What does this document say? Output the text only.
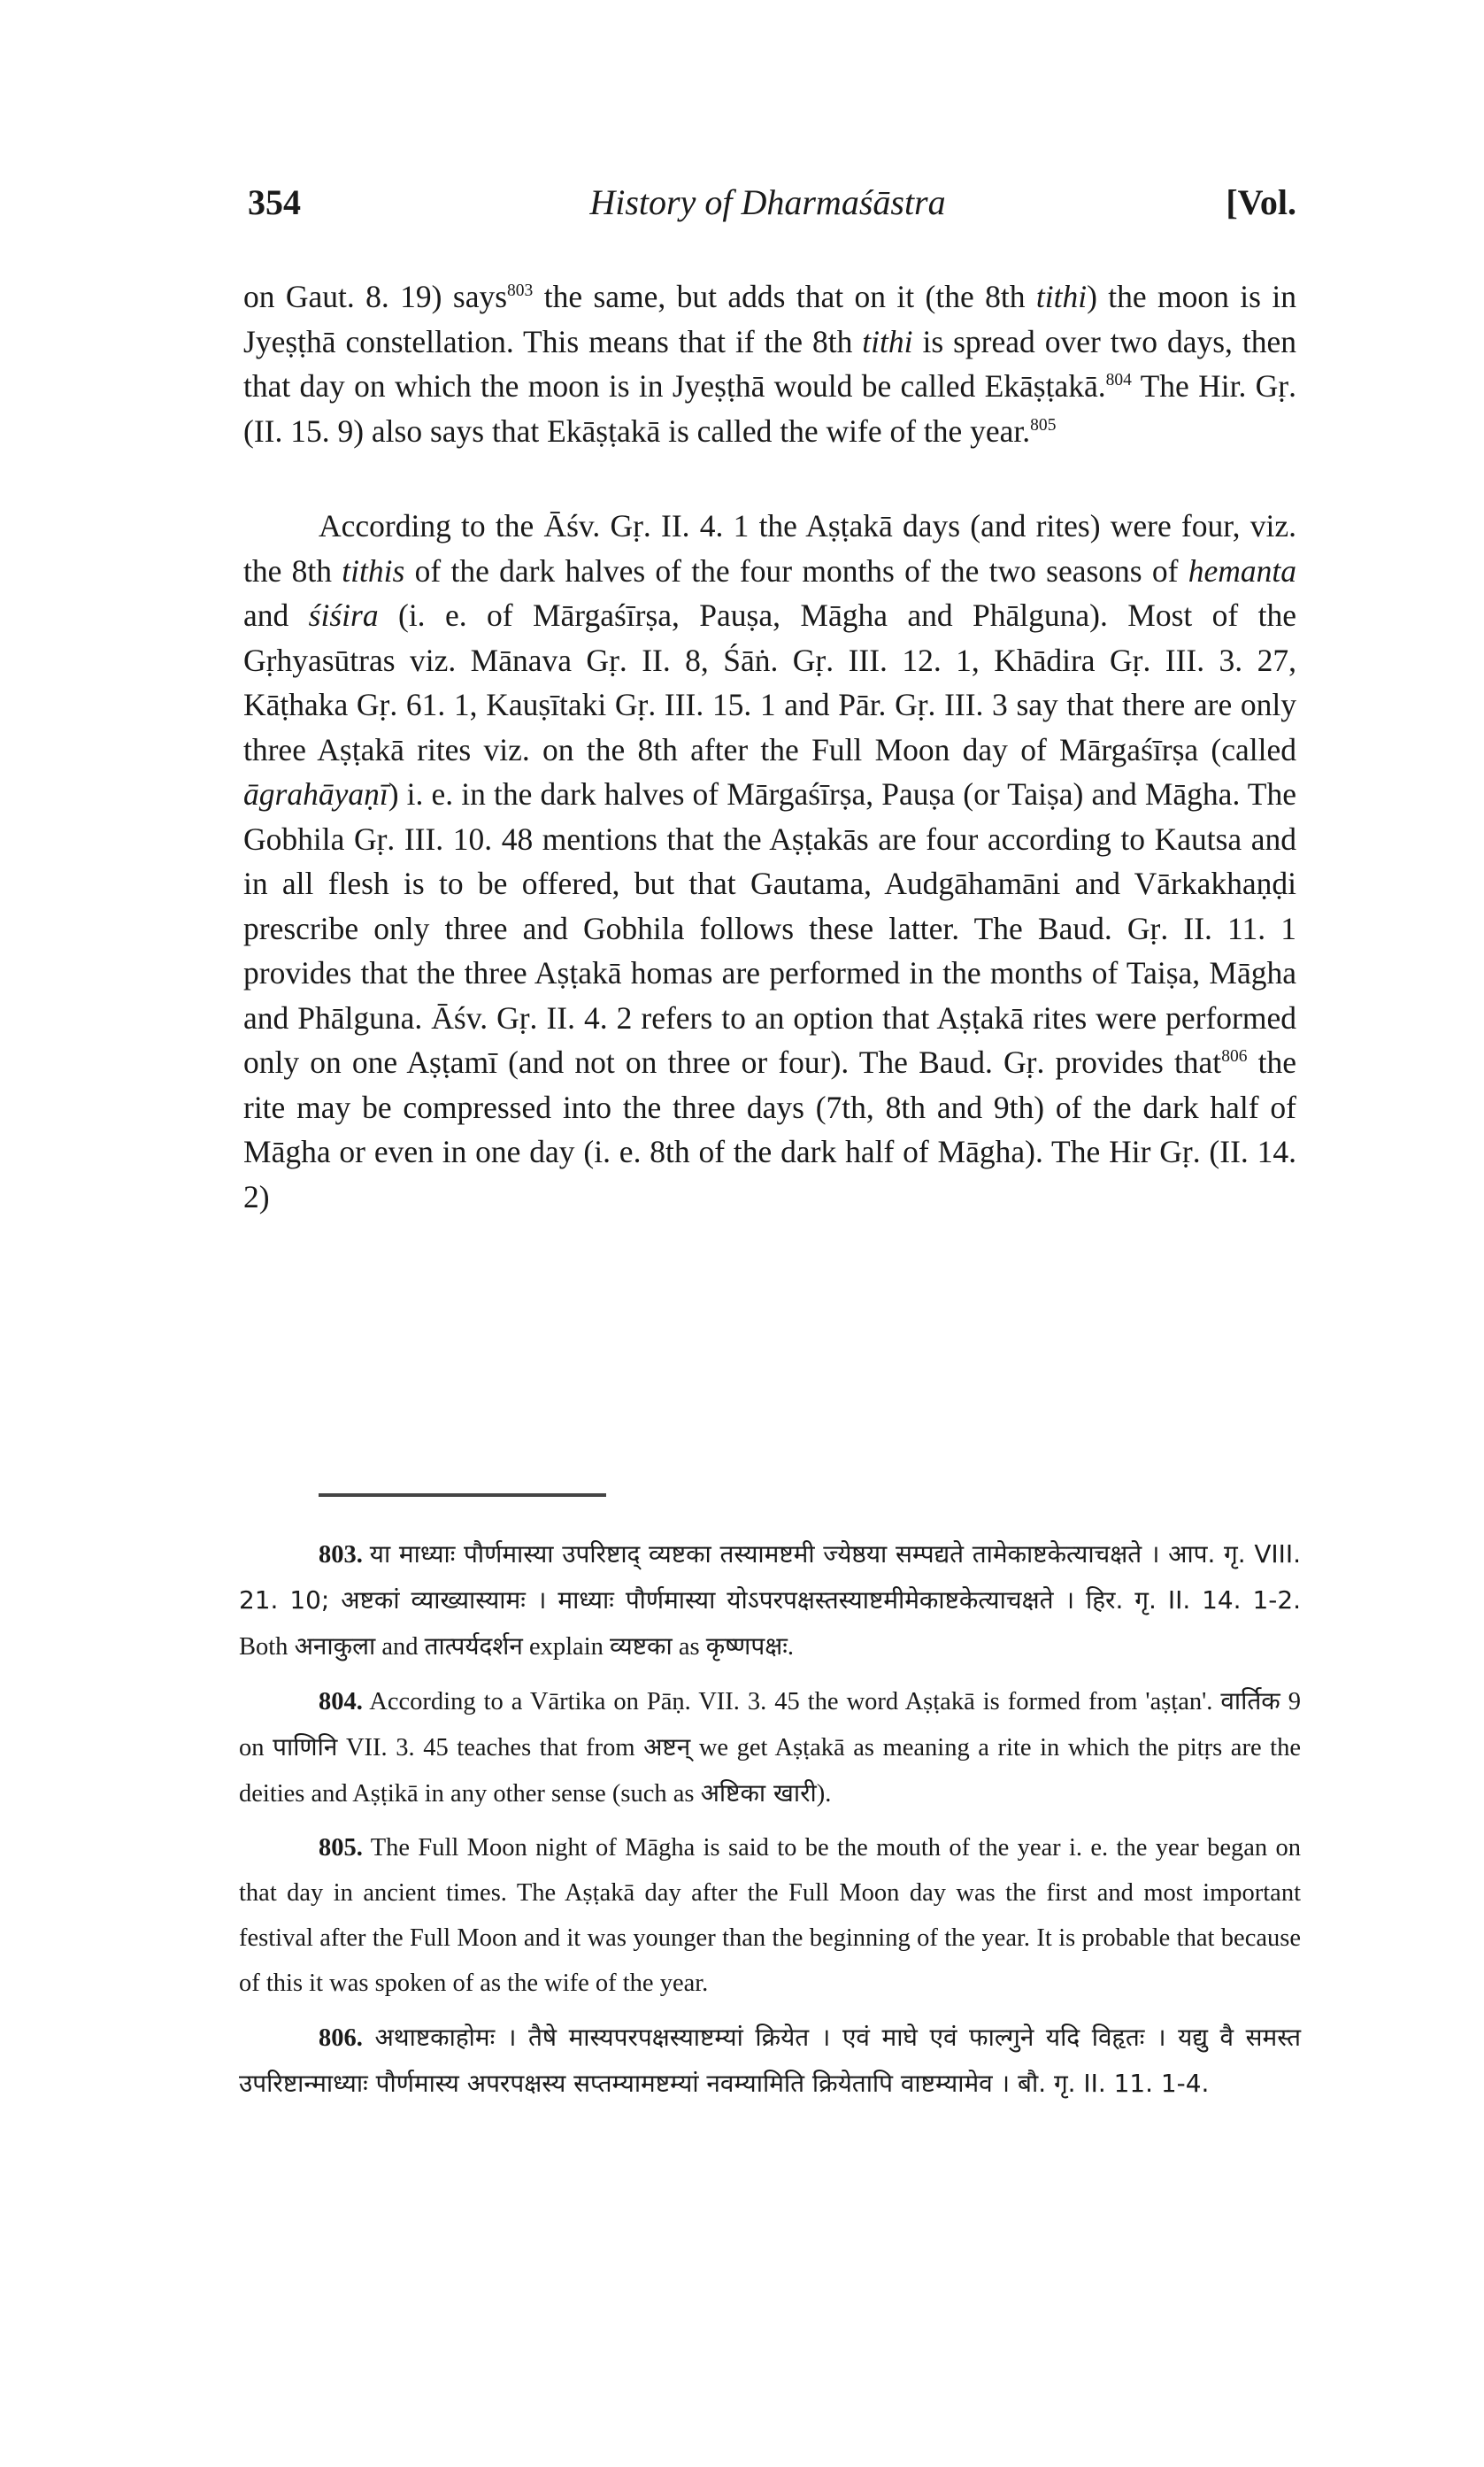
354	History of Dharmaśāstra	[Vol.

on Gaut. 8. 19) says$^{803}$ the same, but adds that on it (the 8th tithi) the moon is in Jyeṣṭhā constellation. This means that if the 8th tithi is spread over two days, then that day on which the moon is in Jyeṣṭhā would be called Ekāṣṭakā.$^{804}$ The Hir. Gṛ. (II. 15. 9) also says that Ekāṣṭakā is called the wife of the year.$^{805}$

According to the Āśv. Gṛ. II. 4. 1 the Aṣṭakā days (and rites) were four, viz. the 8th tithis of the dark halves of the four months of the two seasons of hemanta and śiśira (i. e. of Mārgaśīrṣa, Pauṣa, Māgha and Phālguna). Most of the Gṛhyasūtras viz. Mānava Gṛ. II. 8, Śāṅ. Gṛ. III. 12. 1, Khādira Gṛ. III. 3. 27, Kāṭhaka Gṛ. 61. 1, Kauṣītaki Gṛ. III. 15. 1 and Pār. Gṛ. III. 3 say that there are only three Aṣṭakā rites viz. on the 8th after the Full Moon day of Mārgaśīrṣa (called āgrahāyaṇī) i. e. in the dark halves of Mārgaśīrṣa, Pauṣa (or Taiṣa) and Māgha. The Gobhila Gṛ. III. 10. 48 mentions that the Aṣṭakās are four according to Kautsa and in all flesh is to be offered, but that Gautama, Audgāhamāni and Vārkakhaṇḍi prescribe only three and Gobhila follows these latter. The Baud. Gṛ. II. 11. 1 provides that the three Aṣṭakā homas are performed in the months of Taiṣa, Māgha and Phālguna. Āśv. Gṛ. II. 4. 2 refers to an option that Aṣṭakā rites were performed only on one Aṣṭamī (and not on three or four). The Baud. Gṛ. provides that$^{806}$ the rite may be compressed into the three days (7th, 8th and 9th) of the dark half of Māgha or even in one day (i. e. 8th of the dark half of Māgha). The Hir Gṛ. (II. 14. 2)

803. या माध्याः पौर्णमास्या उपरिष्टाद् व्यष्टका तस्यामष्टमी ज्येष्ठया सम्पद्यते तामेकाष्टकेत्याचक्षते । आप. गृ. VIII. 21. 10; अष्टकां व्याख्यास्यामः । माध्याः पौर्णमास्या योऽपरपक्षस्तस्याष्टमीमेकाष्टकेत्याचक्षते । हिर. गृ. II. 14. 1-2. Both अनाकुला and तात्पर्यदर्शन explain व्यष्टका as कृष्णपक्षः.

804. According to a Vārtika on Pāṇ. VII. 3. 45 the word Aṣṭakā is formed from 'aṣṭan'. वार्तिक 9 on पाणिनि VII. 3. 45 teaches that from अष्टन् we get Aṣṭakā as meaning a rite in which the pitṛs are the deities and Aṣṭikā in any other sense (such as अष्टिका खारी).

805. The Full Moon night of Māgha is said to be the mouth of the year i. e. the year began on that day in ancient times. The Aṣṭakā day after the Full Moon day was the first and most important festival after the Full Moon and it was younger than the beginning of the year. It is probable that because of this it was spoken of as the wife of the year.

806. अथाष्टकाहोमः । तैषे मास्यपरपक्षस्याष्टम्यां क्रियेत । एवं माघे एवं फाल्गुने यदि विहृतः । यद्यु वै समस्त उपरिष्टान्माध्याः पौर्णमास्य अपरपक्षस्य सप्तम्यामष्टम्यां नवम्यामिति क्रियेतापि वाष्टम्यामेव । बौ. गृ. II. 11. 1-4.
